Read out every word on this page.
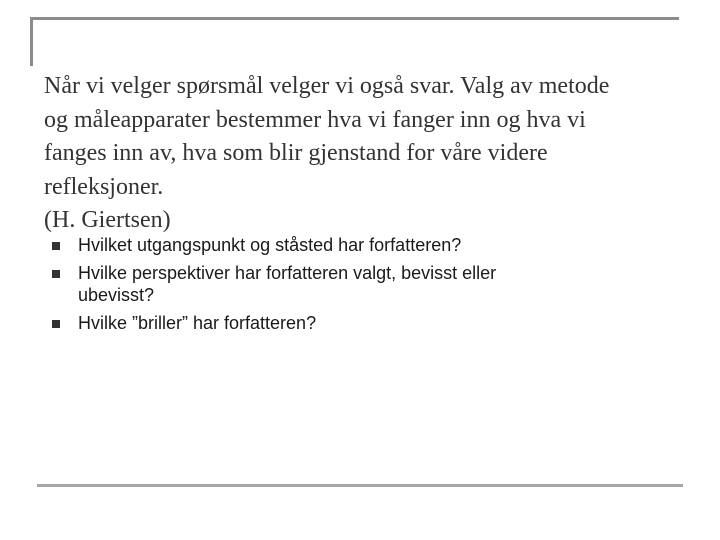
Når vi velger spørsmål velger vi også svar. Valg av metode
og måleapparater bestemmer hva vi fanger inn og hva vi
fanges inn av, hva som blir gjenstand for våre videre
refleksjoner.
(H. Giertsen)
Hvilket utgangspunkt og ståsted har forfatteren?
Hvilke perspektiver har forfatteren valgt, bevisst eller
ubevisst?
Hvilke ”briller” har forfatteren?
